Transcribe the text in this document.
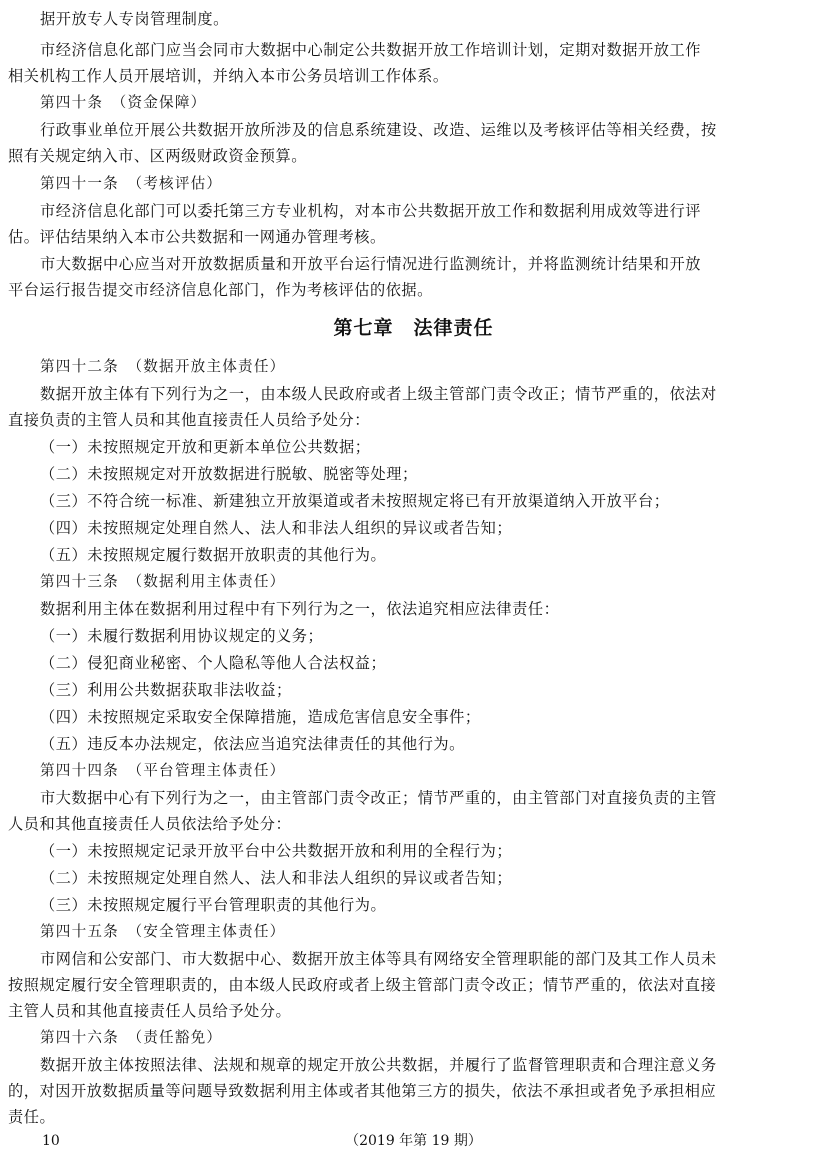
据开放专人专岗管理制度。
市经济信息化部门应当会同市大数据中心制定公共数据开放工作培训计划，定期对数据开放工作
相关机构工作人员开展培训，并纳入本市公务员培训工作体系。
第四十条　（资金保障）
行政事业单位开展公共数据开放所涉及的信息系统建设、改造、运维以及考核评估等相关经费，按
照有关规定纳入市、区两级财政资金预算。
第四十一条　（考核评估）
市经济信息化部门可以委托第三方专业机构，对本市公共数据开放工作和数据利用成效等进行评
估。评估结果纳入本市公共数据和一网通办管理考核。
市大数据中心应当对开放数据质量和开放平台运行情况进行监测统计，并将监测统计结果和开放
平台运行报告提交市经济信息化部门，作为考核评估的依据。
第七章　法律责任
第四十二条　（数据开放主体责任）
数据开放主体有下列行为之一，由本级人民政府或者上级主管部门责令改正；情节严重的，依法对
直接负责的主管人员和其他直接责任人员给予处分：
（一）未按照规定开放和更新本单位公共数据；
（二）未按照规定对开放数据进行脱敏、脱密等处理；
（三）不符合统一标准、新建独立开放渠道或者未按照规定将已有开放渠道纳入开放平台；
（四）未按照规定处理自然人、法人和非法人组织的异议或者告知；
（五）未按照规定履行数据开放职责的其他行为。
第四十三条　（数据利用主体责任）
数据利用主体在数据利用过程中有下列行为之一，依法追究相应法律责任：
（一）未履行数据利用协议规定的义务；
（二）侵犯商业秘密、个人隐私等他人合法权益；
（三）利用公共数据获取非法收益；
（四）未按照规定采取安全保障措施，造成危害信息安全事件；
（五）违反本办法规定，依法应当追究法律责任的其他行为。
第四十四条　（平台管理主体责任）
市大数据中心有下列行为之一，由主管部门责令改正；情节严重的，由主管部门对直接负责的主管
人员和其他直接责任人员依法给予处分：
（一）未按照规定记录开放平台中公共数据开放和利用的全程行为；
（二）未按照规定处理自然人、法人和非法人组织的异议或者告知；
（三）未按照规定履行平台管理职责的其他行为。
第四十五条　（安全管理主体责任）
市网信和公安部门、市大数据中心、数据开放主体等具有网络安全管理职能的部门及其工作人员未
按照规定履行安全管理职责的，由本级人民政府或者上级主管部门责令改正；情节严重的，依法对直接
主管人员和其他直接责任人员给予处分。
第四十六条　（责任豁免）
数据开放主体按照法律、法规和规章的规定开放公共数据，并履行了监督管理职责和合理注意义务
的，对因开放数据质量等问题导致数据利用主体或者其他第三方的损失，依法不承担或者免予承担相应
责任。
10	（2019 年第 19 期）
